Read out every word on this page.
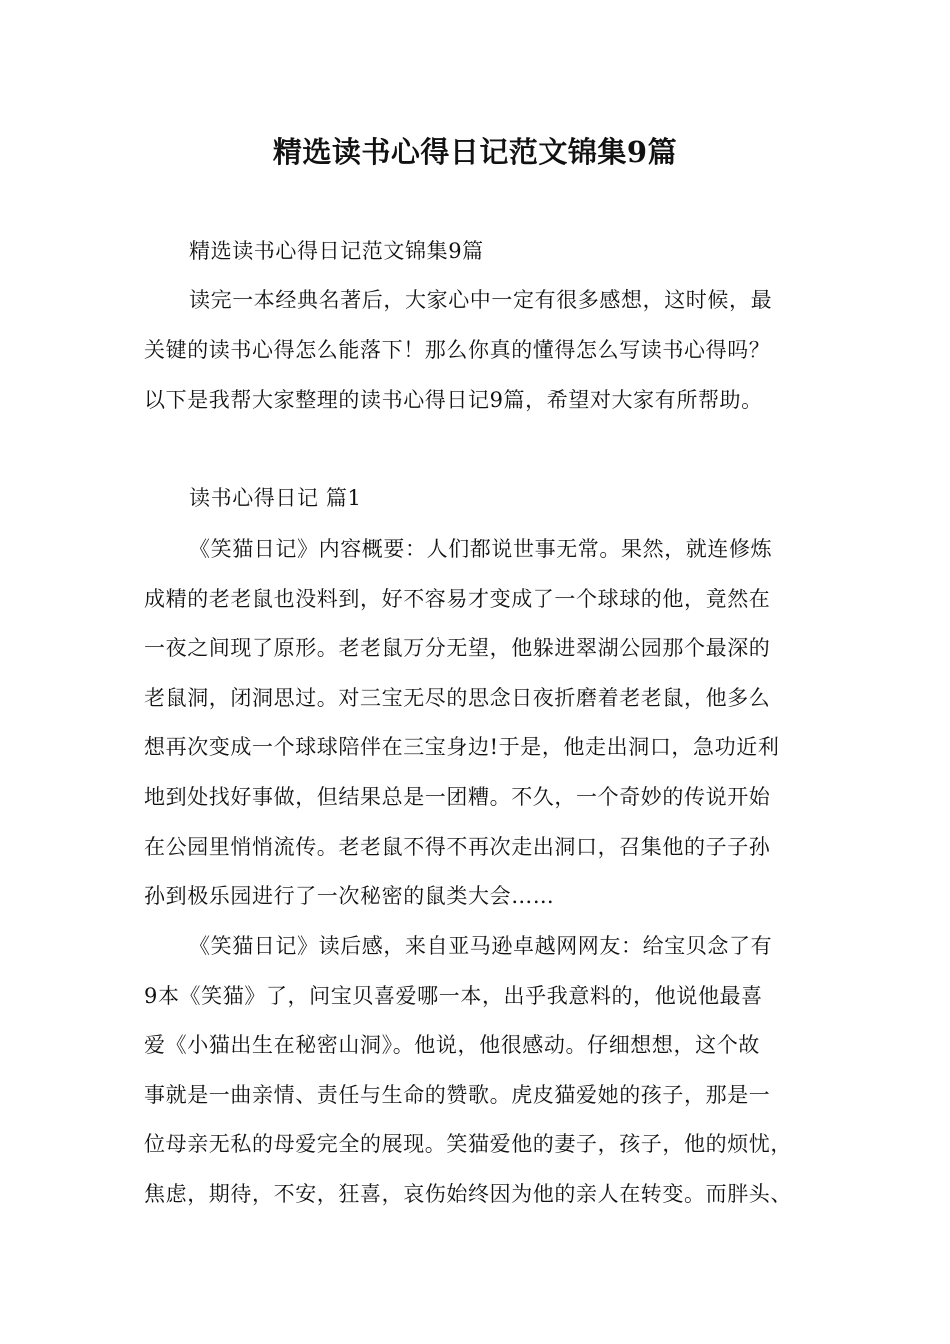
精选读书心得日记范文锦集9篇
精选读书心得日记范文锦集9篇
读完一本经典名著后，大家心中一定有很多感想，这时候，最
关键的读书心得怎么能落下！那么你真的懂得怎么写读书心得吗？
以下是我帮大家整理的读书心得日记9篇，希望对大家有所帮助。
读书心得日记 篇1
《笑猫日记》内容概要：人们都说世事无常。果然，就连修炼
成精的老老鼠也没料到，好不容易才变成了一个球球的他，竟然在
一夜之间现了原形。老老鼠万分无望，他躲进翠湖公园那个最深的
老鼠洞，闭洞思过。对三宝无尽的思念日夜折磨着老老鼠，他多么
想再次变成一个球球陪伴在三宝身边!于是，他走出洞口，急功近利
地到处找好事做，但结果总是一团糟。不久，一个奇妙的传说开始
在公园里悄悄流传。老老鼠不得不再次走出洞口，召集他的子子孙
孙到极乐园进行了一次秘密的鼠类大会……
《笑猫日记》读后感，来自亚马逊卓越网网友：给宝贝念了有
9本《笑猫》了，问宝贝喜爱哪一本，出乎我意料的，他说他最喜
爱《小猫出生在秘密山洞》。他说，他很感动。仔细想想，这个故
事就是一曲亲情、责任与生命的赞歌。虎皮猫爱她的孩子，那是一
位母亲无私的母爱完全的展现。笑猫爱他的妻子，孩子，他的烦忧，
焦虑，期待，不安，狂喜，哀伤始终因为他的亲人在转变。而胖头、
